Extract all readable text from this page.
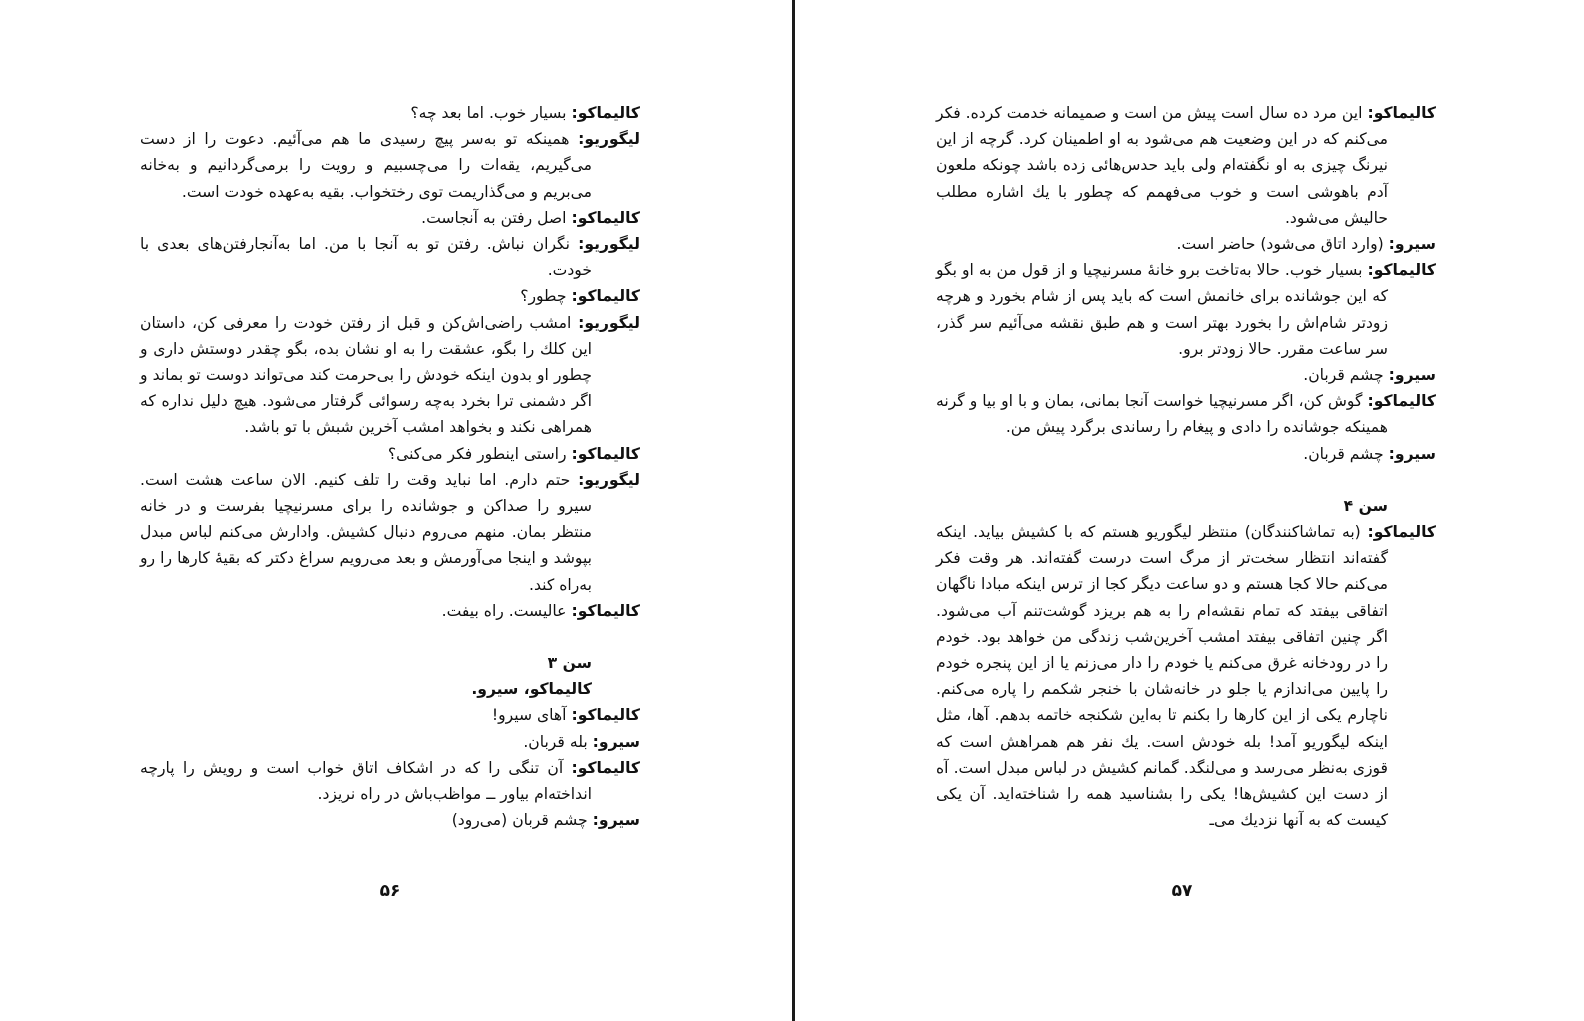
کالیماکو: بسیار خوب. اما بعد چه؟

لیگوریو: همینکه تو به‌سر پیچ رسیدی ما هم می‌آئیم. دعوت را از دست می‌گیریم، یقه‌ات را می‌چسبیم و رویت را برمی‌گردانیم و به‌خانه می‌بریم و می‌گذاریمت توی رختخواب. بقیه به‌عهده خودت است.

کالیماکو: اصل رفتن به آنجاست.

لیگوریو: نگران نباش. رفتن تو به آنجا با من. اما به‌آنجارفتن‌های بعدی با خودت.

کالیماکو: چطور؟

لیگوریو: امشب راضی‌اش‌کن و قبل از رفتن خودت را معرفی کن، داستان این کلك را بگو، عشقت را به او نشان بده، بگو چقدر دوستش داری و چطور او بدون اینکه خودش را بی‌حرمت کند می‌تواند دوست تو بماند و اگر دشمنی ترا بخرد به‌چه رسوائی گرفتار می‌شود. هیچ دلیل نداره که همراهی نکند و بخواهد امشب آخرین شبش با تو باشد.

کالیماکو: راستی اینطور فکر می‌کنی؟

لیگوریو: حتم دارم. اما نباید وقت را تلف کنیم. الان ساعت هشت است. سیرو را صداکن و جوشانده را برای مسرنیچیا بفرست و در خانه منتظر بمان. منهم می‌روم دنبال کشیش. وادارش می‌کنم لباس مبدل بپوشد و اینجا می‌آورمش و بعد می‌رویم سراغ دکتر که بقیهٔ کارها را رو به‌راه کند.

کالیماکو: عالیست. راه بیفت.

سن ۳

کالیماکو، سیرو.

کالیماکو: آهای سیرو!

سیرو: بله قربان.

کالیماکو: آن تنگی را که در اشکاف اتاق خواب است و رویش را پارچه انداخته‌ام بیاور ــ مواظب‌باش در راه نریزد.

سیرو: چشم قربان (می‌رود)

۵۶

کالیماکو: این مرد ده سال است پیش من است و صمیمانه خدمت کرده. فکر می‌کنم که در این وضعیت هم می‌شود به او اطمینان کرد. گرچه از این نیرنگ چیزی به او نگفته‌ام ولی باید حدس‌هائی زده باشد چونکه ملعون آدم باهوشی است و خوب می‌فهمم که چطور با یك اشاره مطلب حالیش می‌شود.

سیرو: (وارد اتاق می‌شود) حاضر است.

کالیماکو: بسیار خوب. حالا به‌تاخت برو خانهٔ مسرنیچیا و از قول من به او بگو که این جوشانده برای خانمش است که باید پس از شام بخورد و هرچه زودتر شام‌اش را بخورد بهتر است و هم طبق نقشه می‌آئیم سر گذر، سر ساعت مقرر. حالا زودتر برو.

سیرو: چشم قربان.

کالیماکو: گوش کن، اگر مسرنیچیا خواست آنجا بمانی، بمان و با او بیا و گرنه همینکه جوشانده را دادی و پیغام را رساندی برگرد پیش من.

سیرو: چشم قربان.

سن ۴

کالیماکو: (به تماشاکنندگان) منتظر لیگوریو هستم که با کشیش بیاید. اینکه گفته‌اند انتظار سخت‌تر از مرگ است درست گفته‌اند. هر وقت فکر می‌کنم حالا کجا هستم و دو ساعت دیگر کجا از ترس اینکه مبادا ناگهان اتفاقی بیفتد که تمام نقشه‌ام را به هم بریزد گوشت‌تنم آب می‌شود. اگر چنین اتفاقی بیفتد امشب آخرین‌شب زندگی من خواهد بود. خودم را در رودخانه غرق می‌کنم یا خودم را دار می‌زنم یا از این پنجره خودم را پایین می‌اندازم یا جلو در خانه‌شان با خنجر شکمم را پاره می‌کنم. ناچارم یکی از این کارها را بکنم تا به‌این شکنجه خاتمه بدهم. آها، مثل اینکه لیگوریو آمد! بله خودش است. یك نفر هم همراهش است که قوزی به‌نظر می‌رسد و می‌لنگد. گمانم کشیش در لباس مبدل است. آه از دست این کشیش‌ها! یکی را بشناسید همه را شناخته‌اید. آن یکی کیست که به آنها نزدیك می‌ـ

۵۷
